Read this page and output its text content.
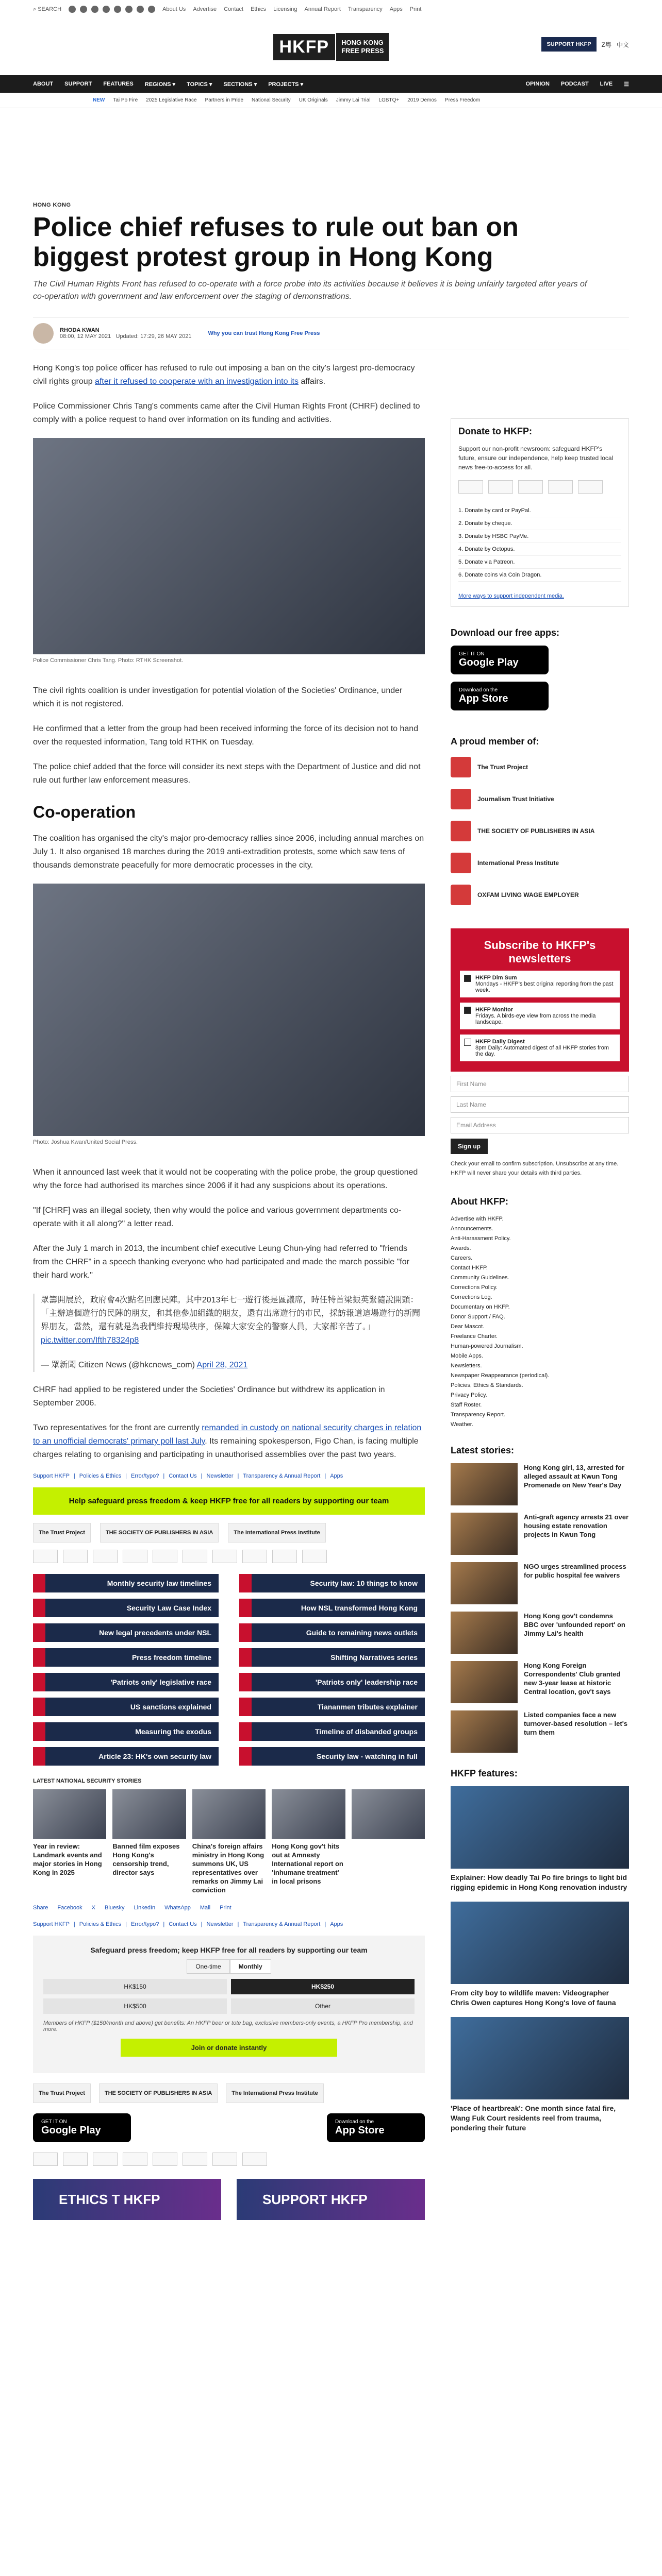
⌕ SEARCH	About Us Advertise Contact Ethics Licensing Annual Report Transparency Apps Print
HKFP	HONG KONG
FREE PRESS
SUPPORT HKFP	Z粵 中文
ABOUT SUPPORT FEATURES REGIONS ▾ TOPICS ▾ SECTIONS ▾ PROJECTS ▾	OPINION PODCAST LIVE ☰
NEW Tai Po Fire 2025 Legislative Race Partners in Pride National Security UK Originals Jimmy Lai Trial LGBTQ+ 2019 Demos Press Freedom
HONG KONG
Police chief refuses to rule out ban on biggest protest group in Hong Kong
The Civil Human Rights Front has refused to co-operate with a force probe into its activities because it believes it is being unfairly targeted after years of co-operation with government and law enforcement over the staging of demonstrations.
RHODA KWAN
08:00, 12 MAY 2021 Updated: 17:29, 26 MAY 2021	Why you can trust Hong Kong Free Press

Hong Kong's top police officer has refused to rule out imposing a ban on the city's largest pro-democracy civil rights group after it refused to cooperate with an investigation into its affairs.

Police Commissioner Chris Tang's comments came after the Civil Human Rights Front (CHRF) declined to comply with a police request to hand over information on its funding and activities.

Police Commissioner Chris Tang. Photo: RTHK Screenshot.

The civil rights coalition is under investigation for potential violation of the Societies' Ordinance, under which it is not registered.

He confirmed that a letter from the group had been received informing the force of its decision not to hand over the requested information, Tang told RTHK on Tuesday.

The police chief added that the force will consider its next steps with the Department of Justice and did not rule out further law enforcement measures.

Co-operation

The coalition has organised the city's major pro-democracy rallies since 2006, including annual marches on July 1. It also organised 18 marches during the 2019 anti-extradition protests, some which saw tens of thousands demonstrate peacefully for more democratic processes in the city.

Photo: Joshua Kwan/United Social Press.

When it announced last week that it would not be cooperating with the police probe, the group questioned why the force had authorised its marches since 2006 if it had any suspicions about its operations.

"If [CHRF] was an illegal society, then why would the police and various government departments co-operate with it all along?" a letter read.

After the July 1 march in 2013, the incumbent chief executive Leung Chun-ying had referred to "friends from the CHRF" in a speech thanking everyone who had participated and made the march possible "for their hard work."

眾籌開展於，政府會4次點名回應民陣。其中2013年七一遊行後是區議席，時任特首梁振英緊隨說開頭：「主辦這個遊行的民陣的朋友，和其他參加組織的朋友，還有出席遊行的市民，採訪報道這場遊行的新聞界朋友，當然，還有就是為我們維持現場秩序，保障大家安全的警察人員，大家都辛苦了。」 pic.twitter.com/Ifth78324p8

— 眾新聞 Citizen News (@hkcnews_com) April 28, 2021

CHRF had applied to be registered under the Societies' Ordinance but withdrew its application in September 2006.

Two representatives for the front are currently remanded in custody on national security charges in relation to an unofficial democrats' primary poll last July. Its remaining spokesperson, Figo Chan, is facing multiple charges relating to organising and participating in unauthorised assemblies over the past two years.

Support HKFP | Policies & Ethics | Error/typo? | Contact Us | Newsletter | Transparency & Annual Report | Apps
Help safeguard press freedom & keep HKFP free for all readers by supporting our team
The Trust Project	THE SOCIETY OF PUBLISHERS IN ASIA	The International Press Institute
Monthly security law timelines	Security law: 10 things to know
Security Law Case Index	How NSL transformed Hong Kong
New legal precedents under NSL	Guide to remaining news outlets
Press freedom timeline	Shifting Narratives series
'Patriots only' legislative race	'Patriots only' leadership race
US sanctions explained	Tiananmen tributes explainer
Measuring the exodus	Timeline of disbanded groups
Article 23: HK's own security law	Security law - watching in full
LATEST NATIONAL SECURITY STORIES
Year in review: Landmark events and major stories in Hong Kong in 2025
Banned film exposes Hong Kong's censorship trend, director says
China's foreign affairs ministry in Hong Kong summons UK, US representatives over remarks on Jimmy Lai conviction
Hong Kong gov't hits out at Amnesty International report on 'inhumane treatment' in local prisons
Share Facebook X Bluesky LinkedIn WhatsApp Mail Print
Support HKFP | Policies & Ethics | Error/typo? | Contact Us | Newsletter | Transparency & Annual Report | Apps
Safeguard press freedom; keep HKFP free for all readers by supporting our team
One-time	Monthly
HK$150	HK$250
HK$500	Other
Members of HKFP ($150/month and above) get benefits: An HKFP beer or tote bag, exclusive members-only events, a HKFP Pro membership, and more.
Join or donate instantly
The Trust Project	THE SOCIETY OF PUBLISHERS IN ASIA	The International Press Institute
GET IT ON
Google Play
Download on the
App Store
ETHICS T HKFP	SUPPORT HKFP
Donate to HKFP:
Support our non-profit newsroom: safeguard HKFP's future, ensure our independence, help keep trusted local news free-to-access for all.
1. Donate by card or PayPal.
2. Donate by cheque.
3. Donate by HSBC PayMe.
4. Donate by Octopus.
5. Donate via Patreon.
6. Donate coins via Coin Dragon.
More ways to support independent media.
Download our free apps:
GET IT ON
Google Play

Download on the
App Store
A proud member of:
The Trust Project
Journalism Trust Initiative
THE SOCIETY OF PUBLISHERS IN ASIA
International Press Institute
OXFAM LIVING WAGE EMPLOYER
Subscribe to HKFP's newsletters
HKFP Dim Sum
Mondays - HKFP's best original reporting from the past week.
HKFP Monitor
Fridays. A birds-eye view from across the media landscape.
HKFP Daily Digest
8pm Daily: Automated digest of all HKFP stories from the day.
First Name
Last Name
Email Address
Sign up
Check your email to confirm subscription. Unsubscribe at any time. HKFP will never share your details with third parties.
About HKFP:
Advertise with HKFP.
Announcements.
Anti-Harassment Policy.
Awards.
Careers.
Contact HKFP.
Community Guidelines.
Corrections Policy.
Corrections Log.
Documentary on HKFP.
Donor Support / FAQ.
Dear Mascot.
Freelance Charter.
Human-powered Journalism.
Mobile Apps.
Newsletters.
Newspaper Reappearance (periodical).
Policies, Ethics & Standards.
Privacy Policy.
Staff Roster.
Transparency Report.
Weather.
Latest stories:
Hong Kong girl, 13, arrested for alleged assault at Kwun Tong Promenade on New Year's Day
Anti-graft agency arrests 21 over housing estate renovation projects in Kwun Tong
NGO urges streamlined process for public hospital fee waivers
Hong Kong gov't condemns BBC over 'unfounded report' on Jimmy Lai's health
Hong Kong Foreign Correspondents' Club granted new 3-year lease at historic Central location, gov't says
Listed companies face a new turnover-based resolution – let's turn them
HKFP features:
Explainer: How deadly Tai Po fire brings to light bid rigging epidemic in Hong Kong renovation industry
From city boy to wildlife maven: Videographer Chris Owen captures Hong Kong's love of fauna
'Place of heartbreak': One month since fatal fire, Wang Fuk Court residents reel from trauma, pondering their future
